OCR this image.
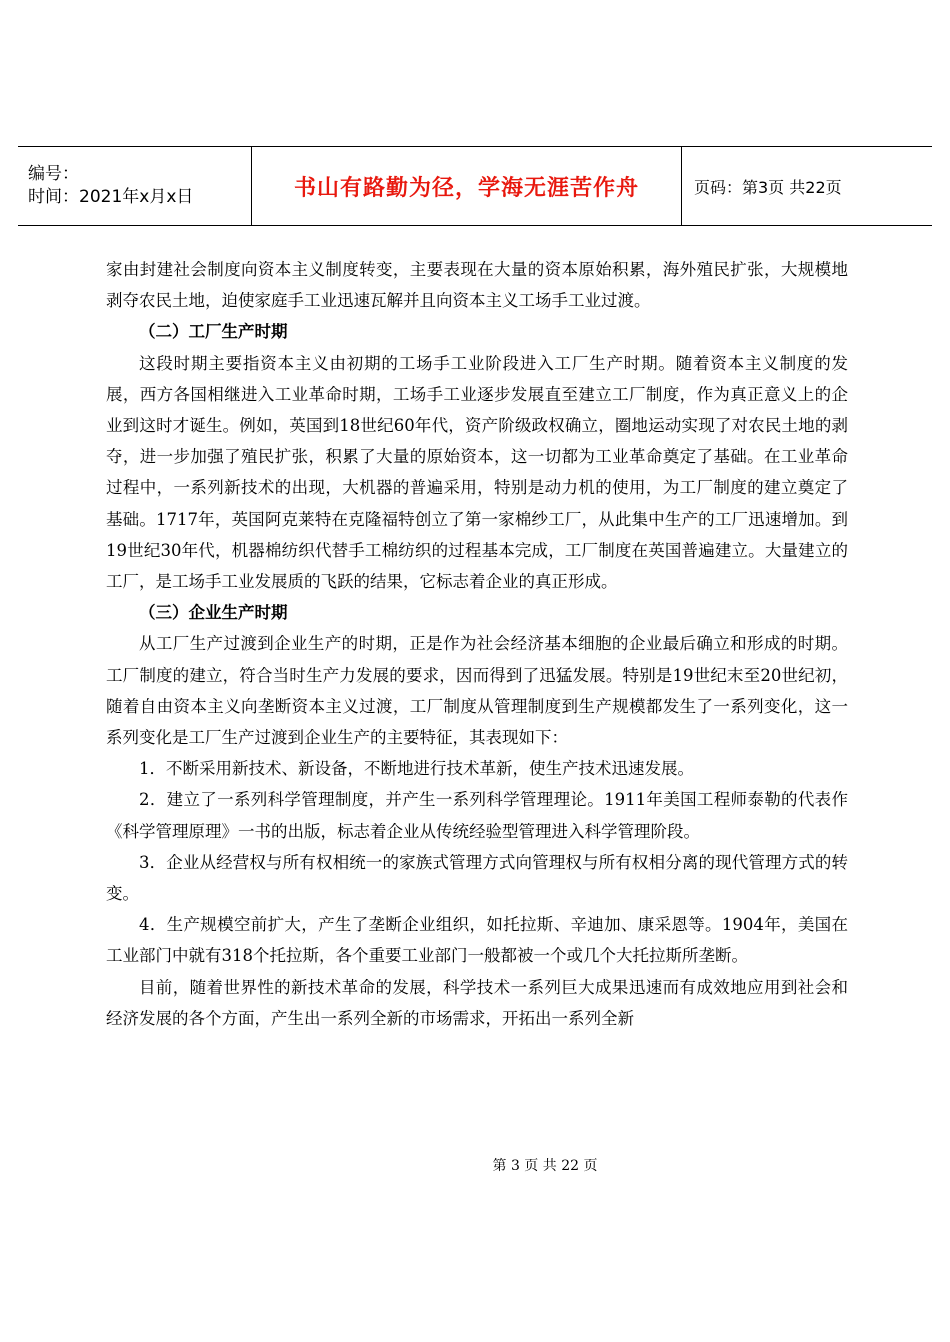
编号：
时间：2021年x月x日	书山有路勤为径，学海无涯苦作舟	页码：第3页 共22页

家由封建社会制度向资本主义制度转变，主要表现在大量的资本原始积累，海外殖民扩张，大规模地剥夺农民土地，迫使家庭手工业迅速瓦解并且向资本主义工场手工业过渡。

（二）工厂生产时期

这段时期主要指资本主义由初期的工场手工业阶段进入工厂生产时期。随着资本主义制度的发展，西方各国相继进入工业革命时期，工场手工业逐步发展直至建立工厂制度，作为真正意义上的企业到这时才诞生。例如，英国到18世纪60年代，资产阶级政权确立，圈地运动实现了对农民土地的剥夺，进一步加强了殖民扩张，积累了大量的原始资本，这一切都为工业革命奠定了基础。在工业革命过程中，一系列新技术的出现，大机器的普遍采用，特别是动力机的使用，为工厂制度的建立奠定了基础。1717年，英国阿克莱特在克隆福特创立了第一家棉纱工厂，从此集中生产的工厂迅速增加。到19世纪30年代，机器棉纺织代替手工棉纺织的过程基本完成，工厂制度在英国普遍建立。大量建立的工厂，是工场手工业发展质的飞跃的结果，它标志着企业的真正形成。

（三）企业生产时期

从工厂生产过渡到企业生产的时期，正是作为社会经济基本细胞的企业最后确立和形成的时期。工厂制度的建立，符合当时生产力发展的要求，因而得到了迅猛发展。特别是19世纪末至20世纪初，随着自由资本主义向垄断资本主义过渡，工厂制度从管理制度到生产规模都发生了一系列变化，这一系列变化是工厂生产过渡到企业生产的主要特征，其表现如下：

1．不断采用新技术、新设备，不断地进行技术革新，使生产技术迅速发展。

2．建立了一系列科学管理制度，并产生一系列科学管理理论。1911年美国工程师泰勒的代表作《科学管理原理》一书的出版，标志着企业从传统经验型管理进入科学管理阶段。

3．企业从经营权与所有权相统一的家族式管理方式向管理权与所有权相分离的现代管理方式的转变。

4．生产规模空前扩大，产生了垄断企业组织，如托拉斯、辛迪加、康采恩等。1904年，美国在工业部门中就有318个托拉斯，各个重要工业部门一般都被一个或几个大托拉斯所垄断。

目前，随着世界性的新技术革命的发展，科学技术一系列巨大成果迅速而有成效地应用到社会和经济发展的各个方面，产生出一系列全新的市场需求，开拓出一系列全新

第 3 页 共 22 页
